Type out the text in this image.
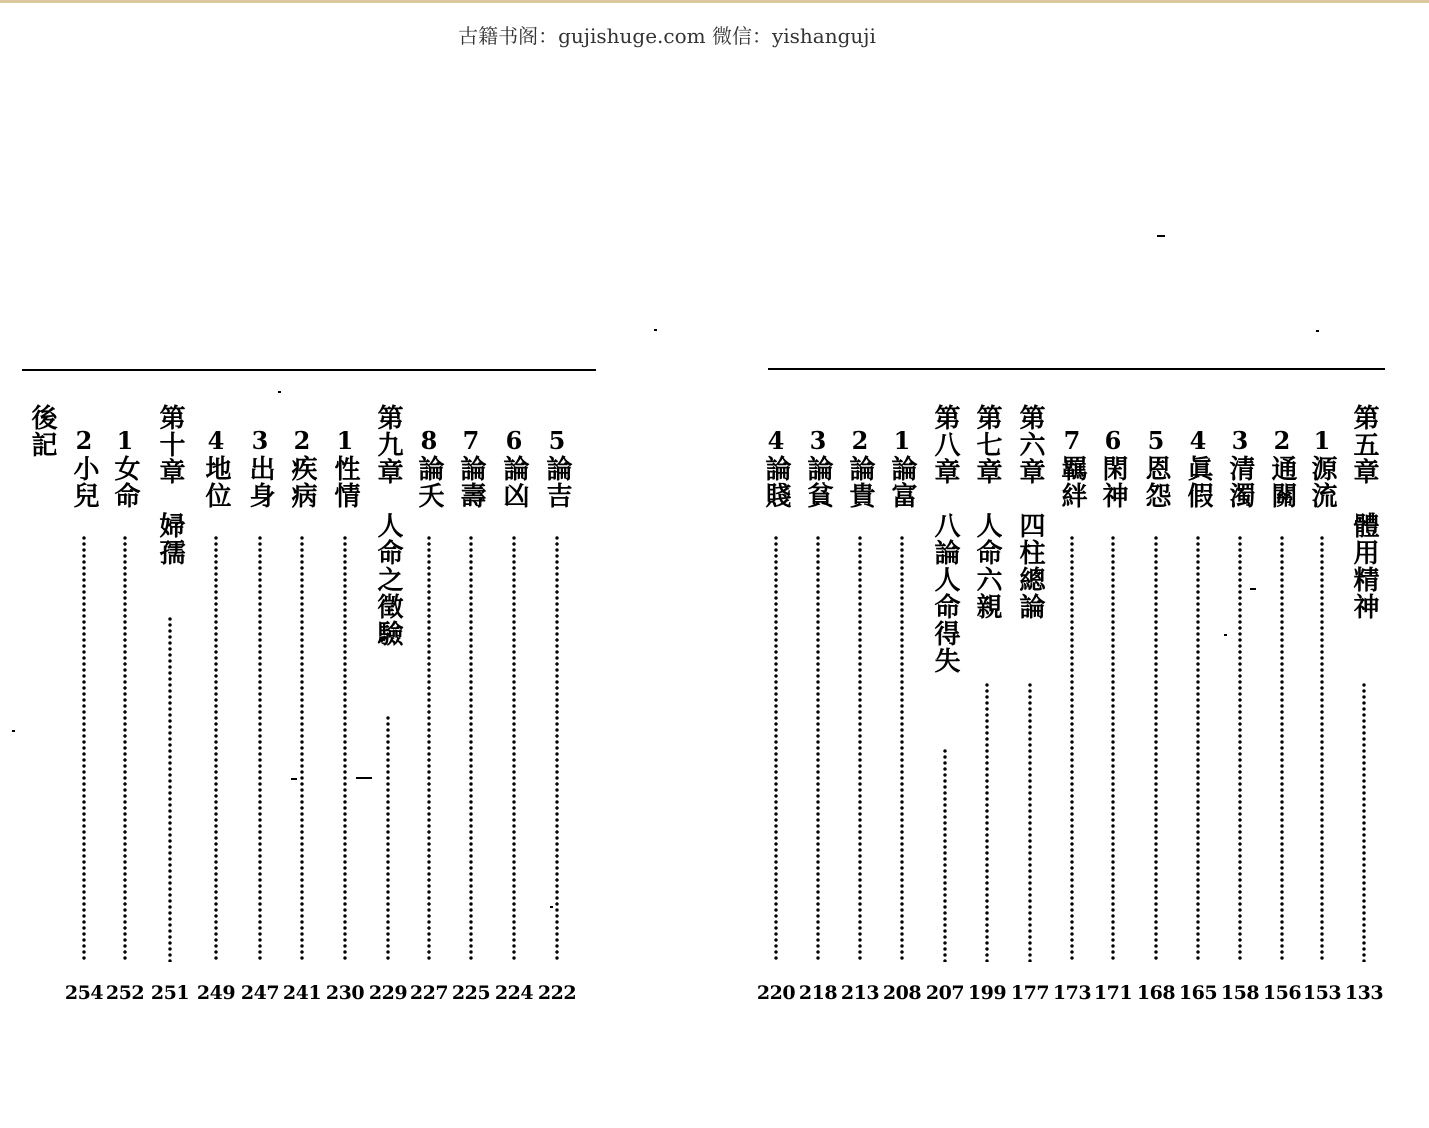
古籍书阁：gujishuge.com 微信：yishanguji
5
論吉
222
6
論凶
224
7
論壽
225
8
論夭
227
第九章　人命之徵驗
229
1
性情
230
2
疾病
241
3
出身
247
4
地位
249
第十章　婦孺
251
1
女命
252
2
小兒
254
後記	第五章　體用精神
133
1
源流
153
2
通關
156
3
清濁
158
4
眞假
165
5
恩怨
168
6
閑神
171
7
羈絆
173
第六章　四柱總論
177
第七章　人命六親
199
第八章　八論人命得失
207
1
論富
208
2
論貴
213
3
論貧
218
4
論賤
220
